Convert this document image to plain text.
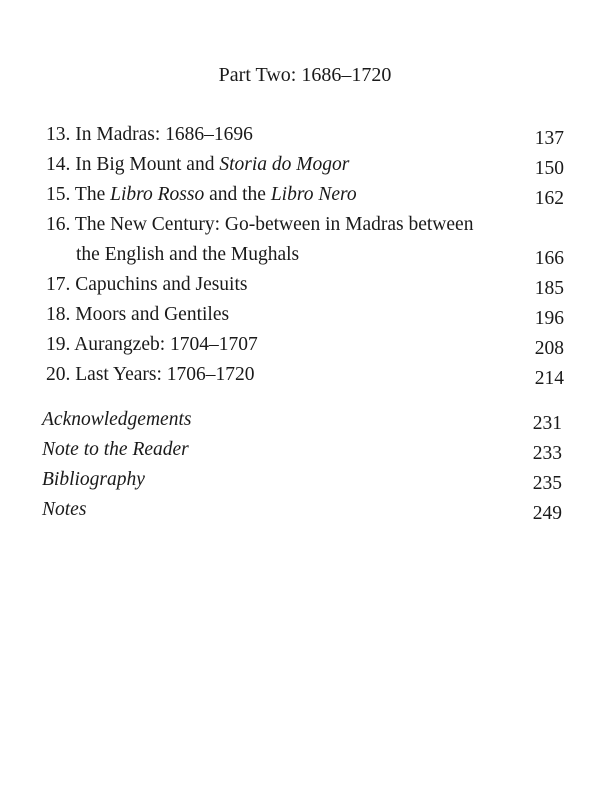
Part Two: 1686–1720
13. In Madras: 1686–1696	137
14. In Big Mount and Storia do Mogor	150
15. The Libro Rosso and the Libro Nero	162
16. The New Century: Go-between in Madras between
the English and the Mughals	166
17. Capuchins and Jesuits	185
18. Moors and Gentiles	196
19. Aurangzeb: 1704–1707	208
20. Last Years: 1706–1720	214
Acknowledgements	231
Note to the Reader	233
Bibliography	235
Notes	249
